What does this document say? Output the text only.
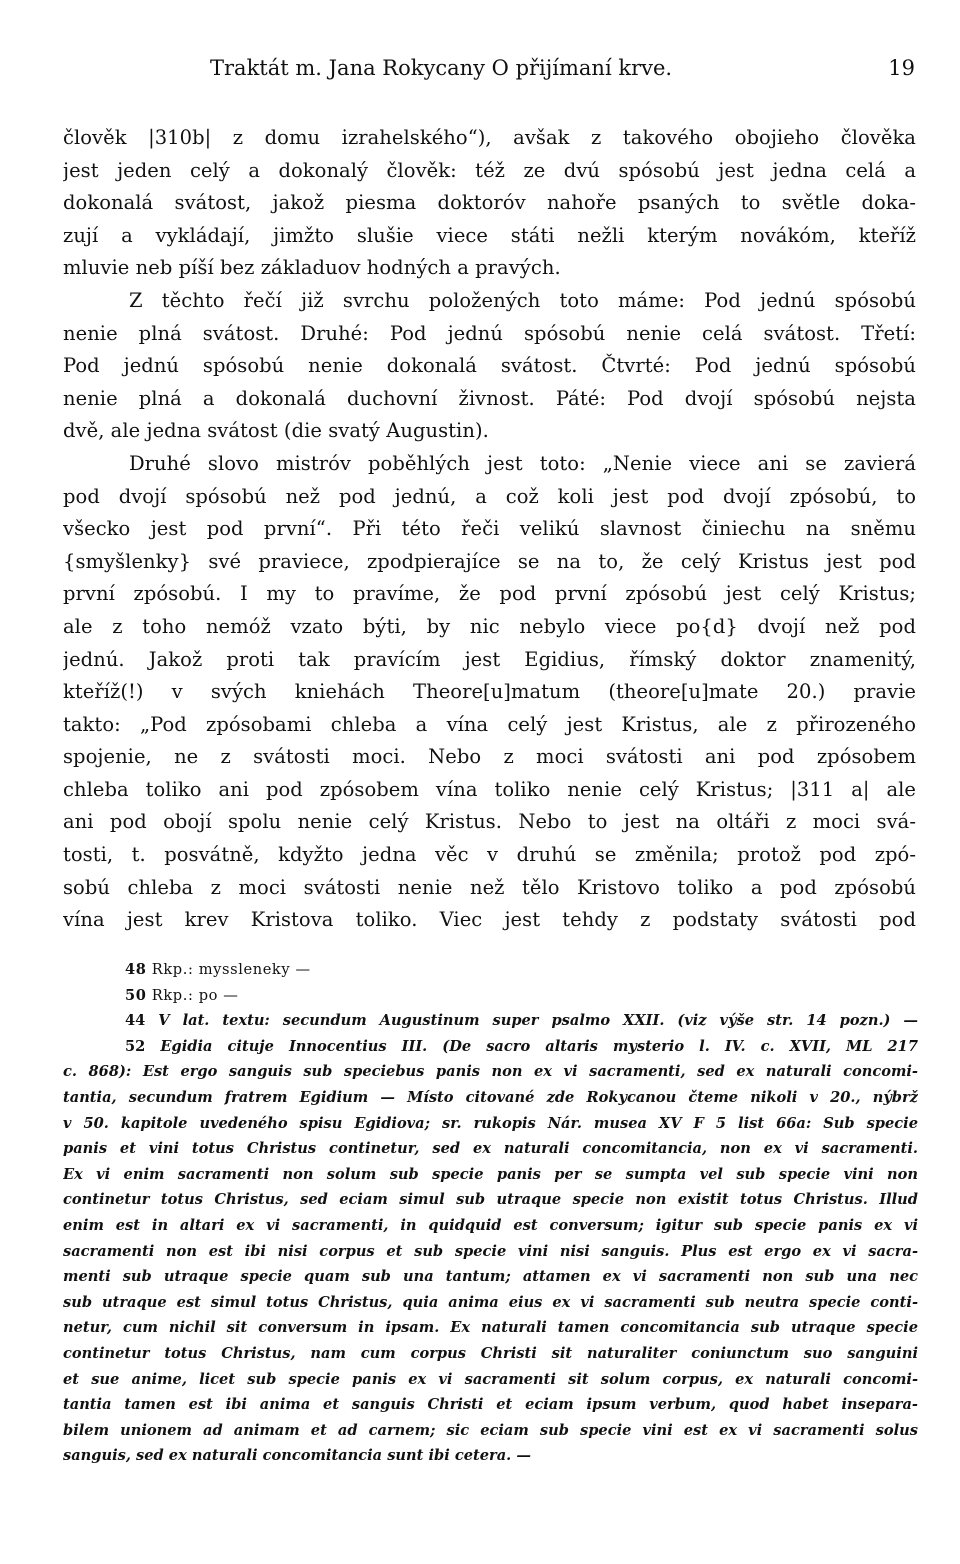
Traktát m. Jana Rokycany O přijímaní krve.	19
člověk |310b| z domu izrahelského“), avšak z takového obojieho člověka
jest jeden celý a dokonalý člověk: též ze dvú spósobú jest jedna celá a
dokonalá svátost, jakož piesma doktoróv nahoře psaných to světle doka-
zují a vykládají, jimžto slušie viece státi nežli kterým novákóm, kteříž
mluvie neb píší bez základuov hodných a pravých.
Z těchto řečí již svrchu položených toto máme: Pod jednú spósobú
nenie plná svátost. Druhé: Pod jednú spósobú nenie celá svátost. Třetí:
Pod jednú spósobú nenie dokonalá svátost. Čtvrté: Pod jednú spósobú
nenie plná a dokonalá duchovní živnost. Páté: Pod dvojí spósobú nejsta
dvě, ale jedna svátost (die svatý Augustin).
Druhé slovo mistróv poběhlých jest toto: „Nenie viece ani se zavierá
pod dvojí spósobú než pod jednú, a což koli jest pod dvojí zpósobú, to
všecko jest pod první“. Při této řeči velikú slavnost činiechu na sněmu
{smyšlenky} své praviece, zpodpierajíce se na to, že celý Kristus jest pod
první zpósobú. I my to pravíme, že pod první zpósobú jest celý Kristus;
ale z toho nemóž vzato býti, by nic nebylo viece po{d} dvojí než pod
jednú. Jakož proti tak pravícím jest Egidius, římský doktor znamenitý,
kteříž(!) v svých kniehách Theore[u]matum (theore[u]mate 20.) pravie
takto: „Pod zpósobami chleba a vína celý jest Kristus, ale z přirozeného
spojenie, ne z svátosti moci. Nebo z moci svátosti ani pod zpósobem
chleba toliko ani pod zpósobem vína toliko nenie celý Kristus; |311 a| ale
ani pod obojí spolu nenie celý Kristus. Nebo to jest na oltáři z moci svá-
tosti, t. posvátně, kdyžto jedna věc v druhú se změnila; protož pod zpó-
sobú chleba z moci svátosti nenie než tělo Kristovo toliko a pod zpósobú
vína jest krev Kristova toliko. Viec jest tehdy z podstaty svátosti pod
48 Rkp.: myssleneky —
50 Rkp.: po —
44 V lat. textu: secundum Augustinum super psalmo XXII. (viz výše str. 14 pozn.) —
52 Egidia cituje Innocentius III. (De sacro altaris mysterio l. IV. c. XVII, ML 217
c. 868): Est ergo sanguis sub speciebus panis non ex vi sacramenti, sed ex naturali concomi-
tantia, secundum fratrem Egidium — Místo citované zde Rokycanou čteme nikoli v 20., nýbrž
v 50. kapitole uvedeného spisu Egidiova; sr. rukopis Nár. musea XV F 5 list 66a: Sub specie
panis et vini totus Christus continetur, sed ex naturali concomitancia, non ex vi sacramenti.
Ex vi enim sacramenti non solum sub specie panis per se sumpta vel sub specie vini non
continetur totus Christus, sed eciam simul sub utraque specie non existit totus Christus. Illud
enim est in altari ex vi sacramenti, in quidquid est conversum; igitur sub specie panis ex vi
sacramenti non est ibi nisi corpus et sub specie vini nisi sanguis. Plus est ergo ex vi sacra-
menti sub utraque specie quam sub una tantum; attamen ex vi sacramenti non sub una nec
sub utraque est simul totus Christus, quia anima eius ex vi sacramenti sub neutra specie conti-
netur, cum nichil sit conversum in ipsam. Ex naturali tamen concomitancia sub utraque specie
continetur totus Christus, nam cum corpus Christi sit naturaliter coniunctum suo sanguini
et sue anime, licet sub specie panis ex vi sacramenti sit solum corpus, ex naturali concomi-
tantia tamen est ibi anima et sanguis Christi et eciam ipsum verbum, quod habet insepara-
bilem unionem ad animam et ad carnem; sic eciam sub specie vini est ex vi sacramenti solus
sanguis, sed ex naturali concomitancia sunt ibi cetera. —
